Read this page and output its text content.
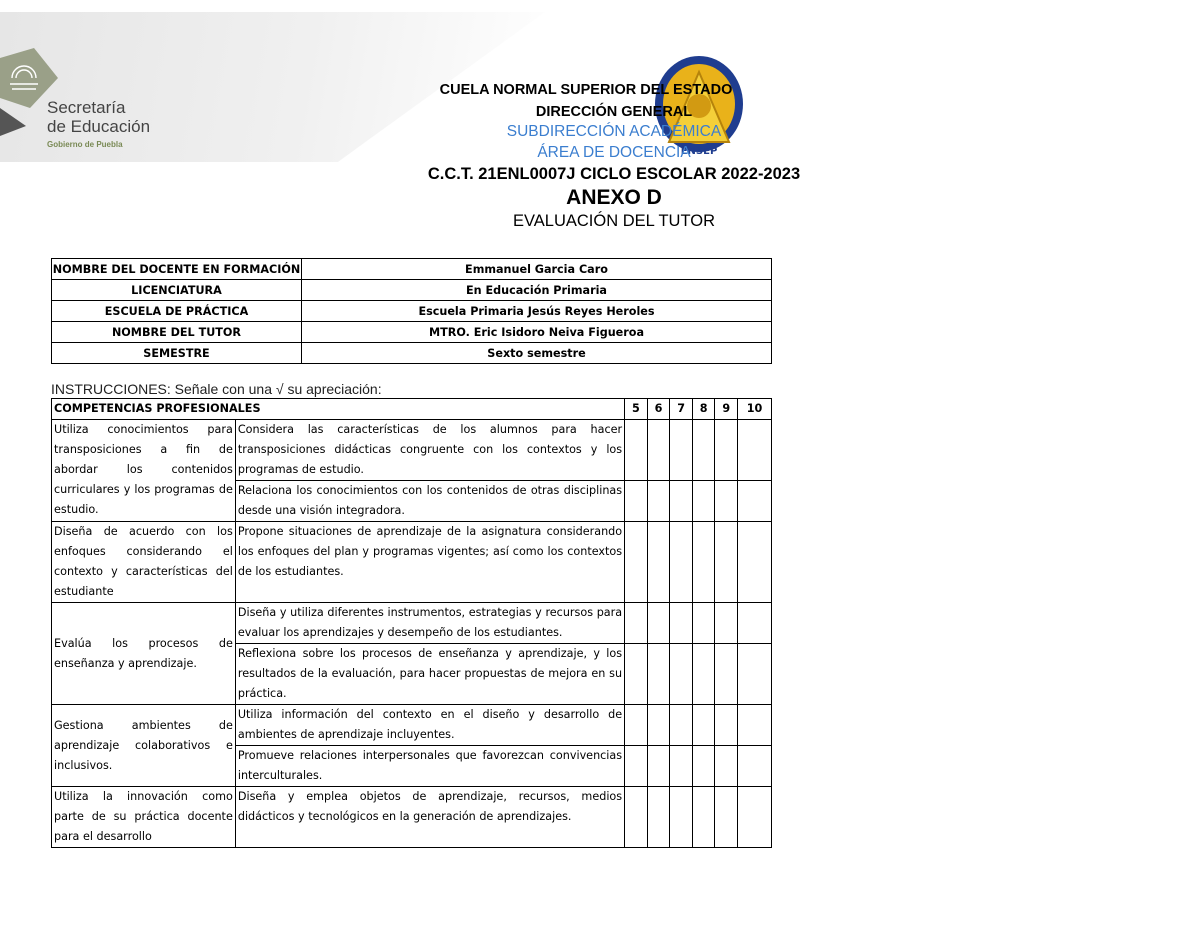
Secretaría
de Educación
Gobierno de Puebla
ENSEP
CUELA NORMAL SUPERIOR DEL ESTADO
DIRECCIÓN GENERAL
SUBDIRECCIÓN ACADÉMICA
ÁREA DE DOCENCIA
C.C.T. 21ENL0007J CICLO ESCOLAR 2022-2023
ANEXO D
EVALUACIÓN DEL TUTOR
NOMBRE DEL DOCENTE EN FORMACIÓN	Emmanuel Garcia Caro
LICENCIATURA	En Educación Primaria
ESCUELA DE PRÁCTICA	Escuela Primaria Jesús Reyes Heroles
NOMBRE DEL TUTOR	MTRO. Eric Isidoro Neiva Figueroa
SEMESTRE	Sexto semestre
INSTRUCCIONES: Señale con una √ su apreciación:
COMPETENCIAS PROFESIONALES		5	6	7	8	9	10
Utiliza conocimientos para transposiciones a fin de abordar los contenidos curriculares y los programas de estudio.	Considera las características de los alumnos para hacer transposiciones didácticas congruente con los contextos y los programas de estudio.						
	Relaciona los conocimientos con los contenidos de otras disciplinas desde una visión integradora.						
Diseña de acuerdo con los enfoques considerando el contexto y características del estudiante	Propone situaciones de aprendizaje de la asignatura considerando los enfoques del plan y programas vigentes; así como los contextos de los estudiantes.						
Evalúa los procesos de enseñanza y aprendizaje.	Diseña y utiliza diferentes instrumentos, estrategias y recursos para evaluar los aprendizajes y desempeño de los estudiantes.						
	Reflexiona sobre los procesos de enseñanza y aprendizaje, y los resultados de la evaluación, para hacer propuestas de mejora en su práctica.						
Gestiona ambientes de aprendizaje colaborativos e inclusivos.	Utiliza información del contexto en el diseño y desarrollo de ambientes de aprendizaje incluyentes.						
	Promueve relaciones interpersonales que favorezcan convivencias interculturales.						
Utiliza la innovación como parte de su práctica docente para el desarrollo	Diseña y emplea objetos de aprendizaje, recursos, medios didácticos y tecnológicos en la generación de aprendizajes.						
